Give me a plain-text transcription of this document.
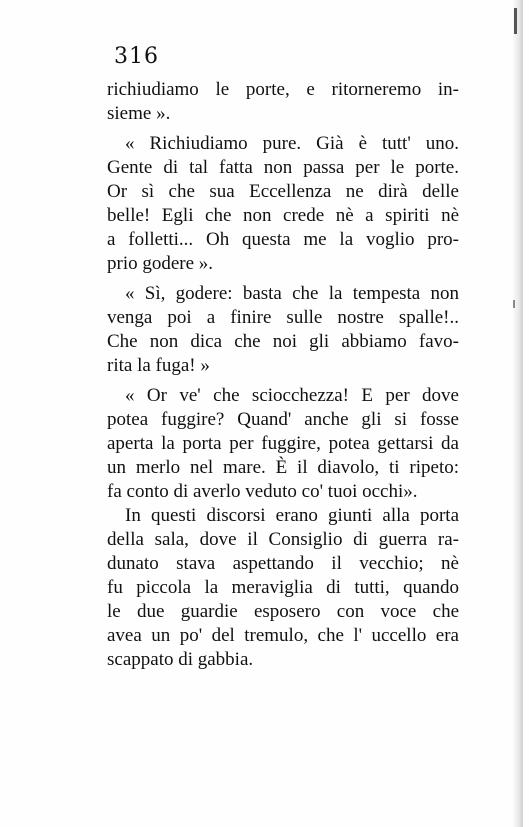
316
richiudiamo le porte, e ritorneremo in-
sieme ».
« Richiudiamo pure. Già è tutt' uno.
Gente di tal fatta non passa per le porte.
Or sì che sua Eccellenza ne dirà delle
belle! Egli che non crede nè a spiriti nè
a folletti... Oh questa me la voglio pro-
prio godere ».
« Sì, godere: basta che la tempesta non
venga poi a finire sulle nostre spalle!..
Che non dica che noi gli abbiamo favo-
rita la fuga! »
« Or ve' che sciocchezza! E per dove
potea fuggire? Quand' anche gli si fosse
aperta la porta per fuggire, potea gettarsi da
un merlo nel mare. È il diavolo, ti ripeto:
fa conto di averlo veduto co' tuoi occhi».
In questi discorsi erano giunti alla porta
della sala, dove il Consiglio di guerra ra-
dunato stava aspettando il vecchio; nè
fu piccola la meraviglia di tutti, quando
le due guardie esposero con voce che
avea un po' del tremulo, che l' uccello era
scappato di gabbia.
